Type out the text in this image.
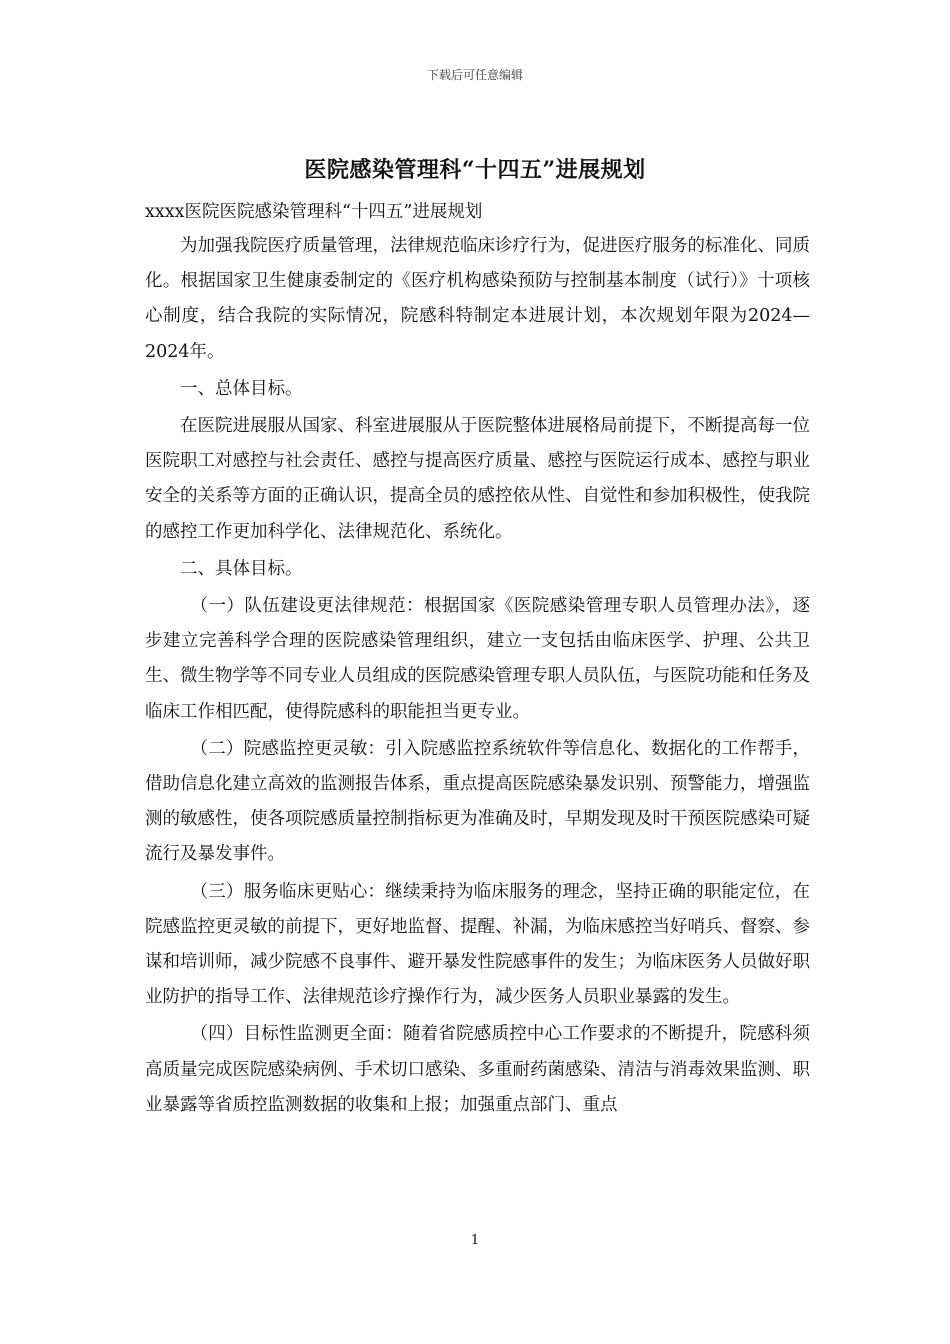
下载后可任意编辑
医院感染管理科“十四五”进展规划

xxxx医院医院感染管理科“十四五”进展规划

为加强我院医疗质量管理，法律规范临床诊疗行为，促进医疗服务的标准化、同质化。根据国家卫生健康委制定的《医疗机构感染预防与控制基本制度（试行）》十项核心制度，结合我院的实际情况，院感科特制定本进展计划，本次规划年限为2024—2024年。

一、总体目标。

在医院进展服从国家、科室进展服从于医院整体进展格局前提下，不断提高每一位医院职工对感控与社会责任、感控与提高医疗质量、感控与医院运行成本、感控与职业安全的关系等方面的正确认识，提高全员的感控依从性、自觉性和参加积极性，使我院的感控工作更加科学化、法律规范化、系统化。

二、具体目标。

（一）队伍建设更法律规范：根据国家《医院感染管理专职人员管理办法》，逐步建立完善科学合理的医院感染管理组织，建立一支包括由临床医学、护理、公共卫生、微生物学等不同专业人员组成的医院感染管理专职人员队伍，与医院功能和任务及临床工作相匹配，使得院感科的职能担当更专业。

（二）院感监控更灵敏：引入院感监控系统软件等信息化、数据化的工作帮手，借助信息化建立高效的监测报告体系，重点提高医院感染暴发识别、预警能力，增强监测的敏感性，使各项院感质量控制指标更为准确及时，早期发现及时干预医院感染可疑流行及暴发事件。

（三）服务临床更贴心：继续秉持为临床服务的理念，坚持正确的职能定位，在院感监控更灵敏的前提下，更好地监督、提醒、补漏，为临床感控当好哨兵、督察、参谋和培训师，减少院感不良事件、避开暴发性院感事件的发生；为临床医务人员做好职业防护的指导工作、法律规范诊疗操作行为，减少医务人员职业暴露的发生。

（四）目标性监测更全面：随着省院感质控中心工作要求的不断提升，院感科须高质量完成医院感染病例、手术切口感染、多重耐药菌感染、清洁与消毒效果监测、职业暴露等省质控监测数据的收集和上报；加强重点部门、重点

1
